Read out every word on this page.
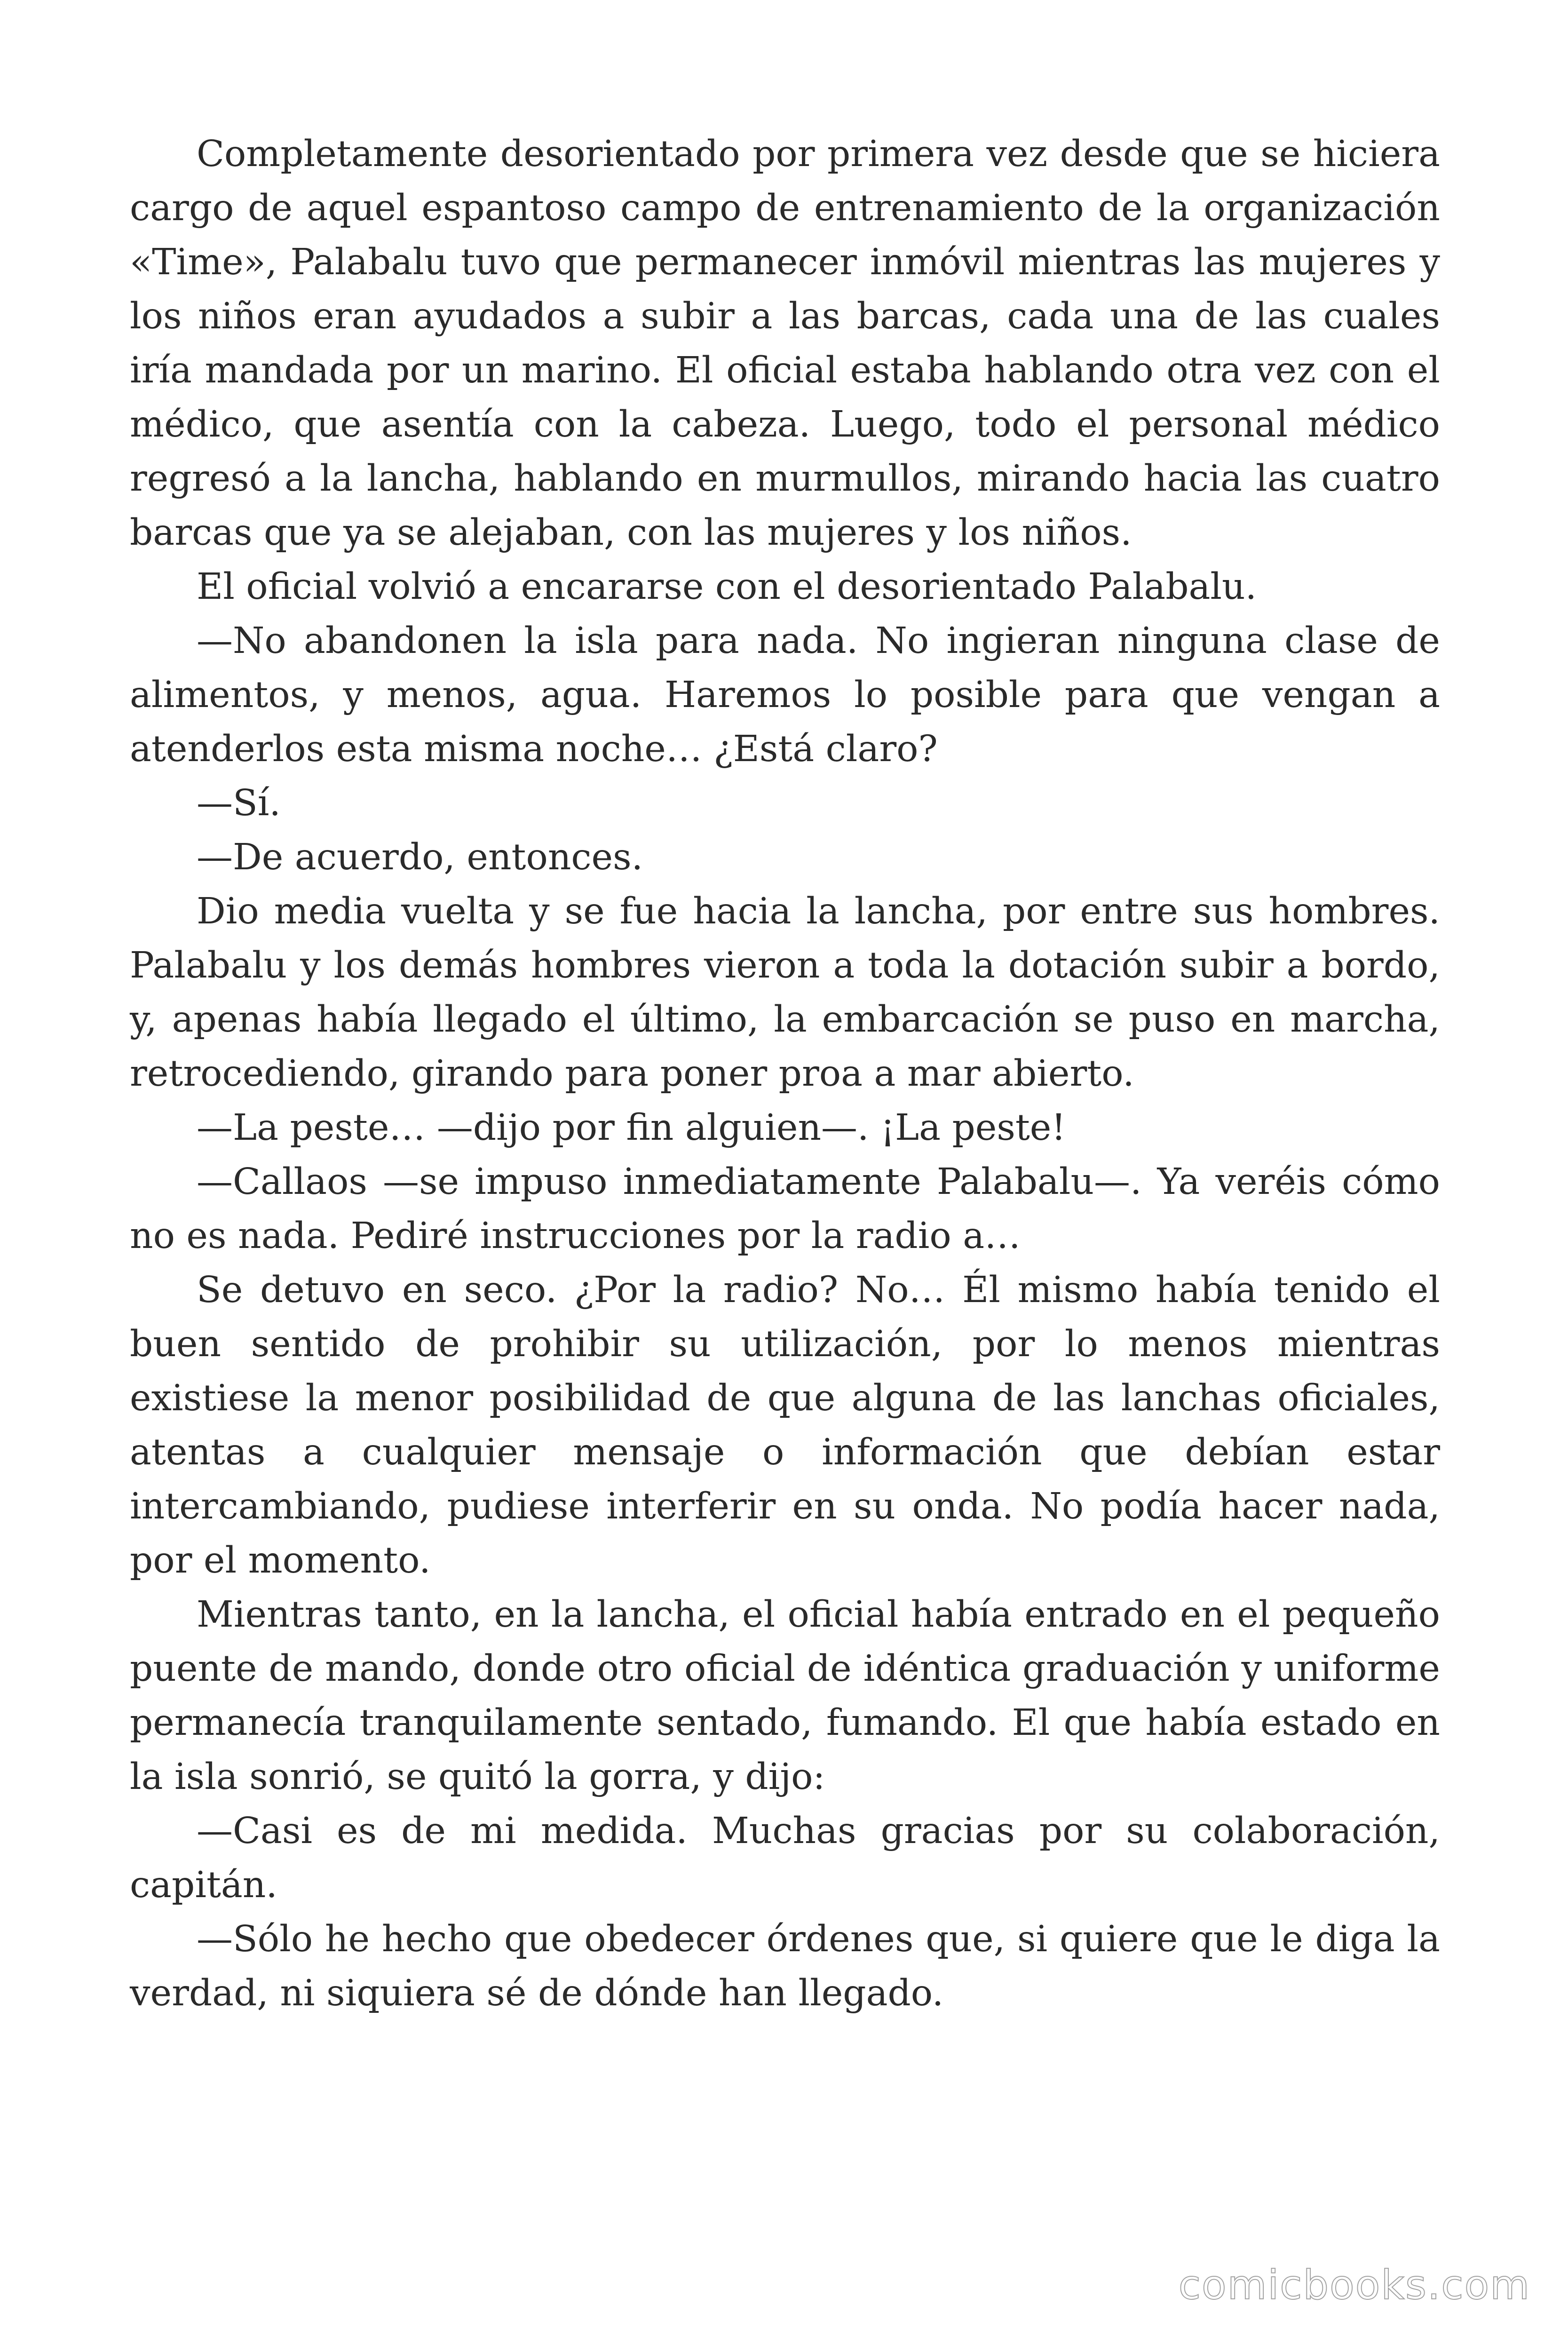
Completamente desorientado por primera vez desde que se hiciera cargo de aquel espantoso campo de entrenamiento de la organización «Time», Palabalu tuvo que permanecer inmóvil mientras las mujeres y los niños eran ayudados a subir a las barcas, cada una de las cuales iría mandada por un marino. El oficial estaba hablando otra vez con el médico, que asentía con la cabeza. Luego, todo el personal médico regresó a la lancha, hablando en murmullos, mirando hacia las cuatro barcas que ya se alejaban, con las mujeres y los niños.

El oficial volvió a encararse con el desorientado Palabalu.

—No abandonen la isla para nada. No ingieran ninguna clase de alimentos, y menos, agua. Haremos lo posible para que vengan a atenderlos esta misma noche… ¿Está claro?

—Sí.

—De acuerdo, entonces.

Dio media vuelta y se fue hacia la lancha, por entre sus hombres. Palabalu y los demás hombres vieron a toda la dotación subir a bordo, y, apenas había llegado el último, la embarcación se puso en marcha, retrocediendo, girando para poner proa a mar abierto.

—La peste… —dijo por fin alguien—. ¡La peste!

—Callaos —se impuso inmediatamente Palabalu—. Ya veréis cómo no es nada. Pediré instrucciones por la radio a…

Se detuvo en seco. ¿Por la radio? No… Él mismo había tenido el buen sentido de prohibir su utilización, por lo menos mientras existiese la menor posibilidad de que alguna de las lanchas oficiales, atentas a cualquier mensaje o información que debían estar intercambiando, pudiese interferir en su onda. No podía hacer nada, por el momento.

Mientras tanto, en la lancha, el oficial había entrado en el pequeño puente de mando, donde otro oficial de idéntica graduación y uniforme permanecía tranquilamente sentado, fumando. El que había estado en la isla sonrió, se quitó la gorra, y dijo:

—Casi es de mi medida. Muchas gracias por su colaboración, capitán.

—Sólo he hecho que obedecer órdenes que, si quiere que le diga la verdad, ni siquiera sé de dónde han llegado.

comicbooks.com
